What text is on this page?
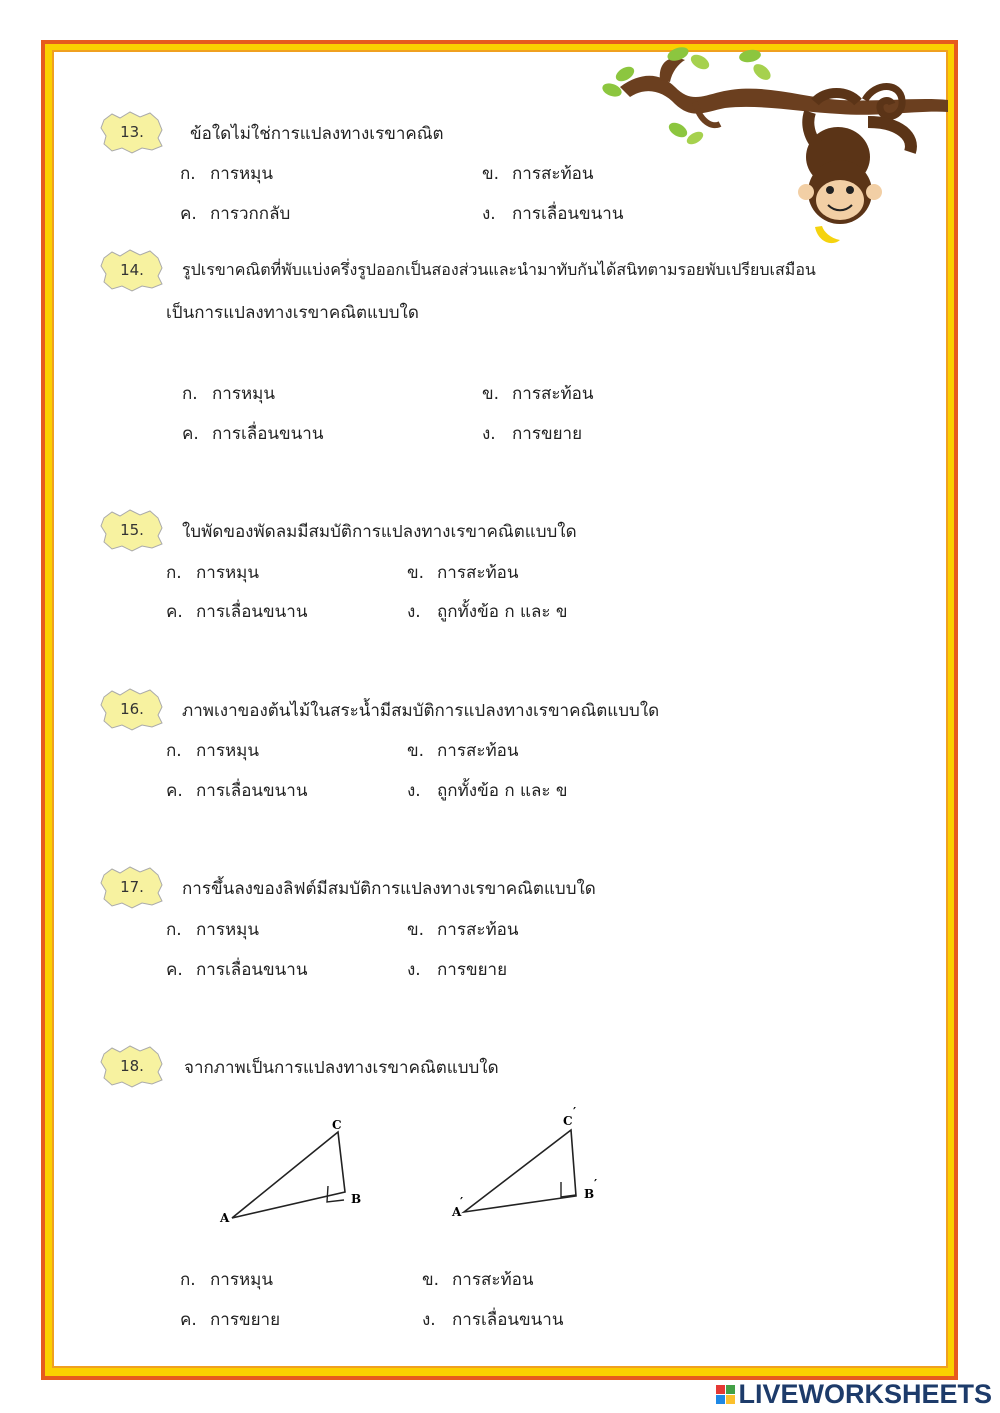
13.
14.
15.
16.
17.
18.
ข้อใดไม่ใช่การแปลงทางเรขาคณิต
ก. การหมุน	ข. การสะท้อน
ค. การวกกลับ	ง. การเลื่อนขนาน
รูปเรขาคณิตที่พับแบ่งครึ่งรูปออกเป็นสองส่วนและนำมาทับกันได้สนิทตามรอยพับเปรียบเสมือน
เป็นการแปลงทางเรขาคณิตแบบใด
ก. การหมุน	ข. การสะท้อน
ค. การเลื่อนขนาน	ง. การขยาย
ใบพัดของพัดลมมีสมบัติการแปลงทางเรขาคณิตแบบใด
ก. การหมุน	ข. การสะท้อน
ค. การเลื่อนขนาน	ง. ถูกทั้งข้อ ก และ ข
ภาพเงาของต้นไม้ในสระน้ำมีสมบัติการแปลงทางเรขาคณิตแบบใด
ก. การหมุน	ข. การสะท้อน
ค. การเลื่อนขนาน	ง. ถูกทั้งข้อ ก และ ข
การขึ้นลงของลิฟต์มีสมบัติการแปลงทางเรขาคณิตแบบใด
ก. การหมุน	ข. การสะท้อน
ค. การเลื่อนขนาน	ง. การขยาย
จากภาพเป็นการแปลงทางเรขาคณิตแบบใด
A
B
C
A
′
B
′
C
′
ก. การหมุน	ข. การสะท้อน
ค. การขยาย	ง. การเลื่อนขนาน
LIVEWORKSHEETS
